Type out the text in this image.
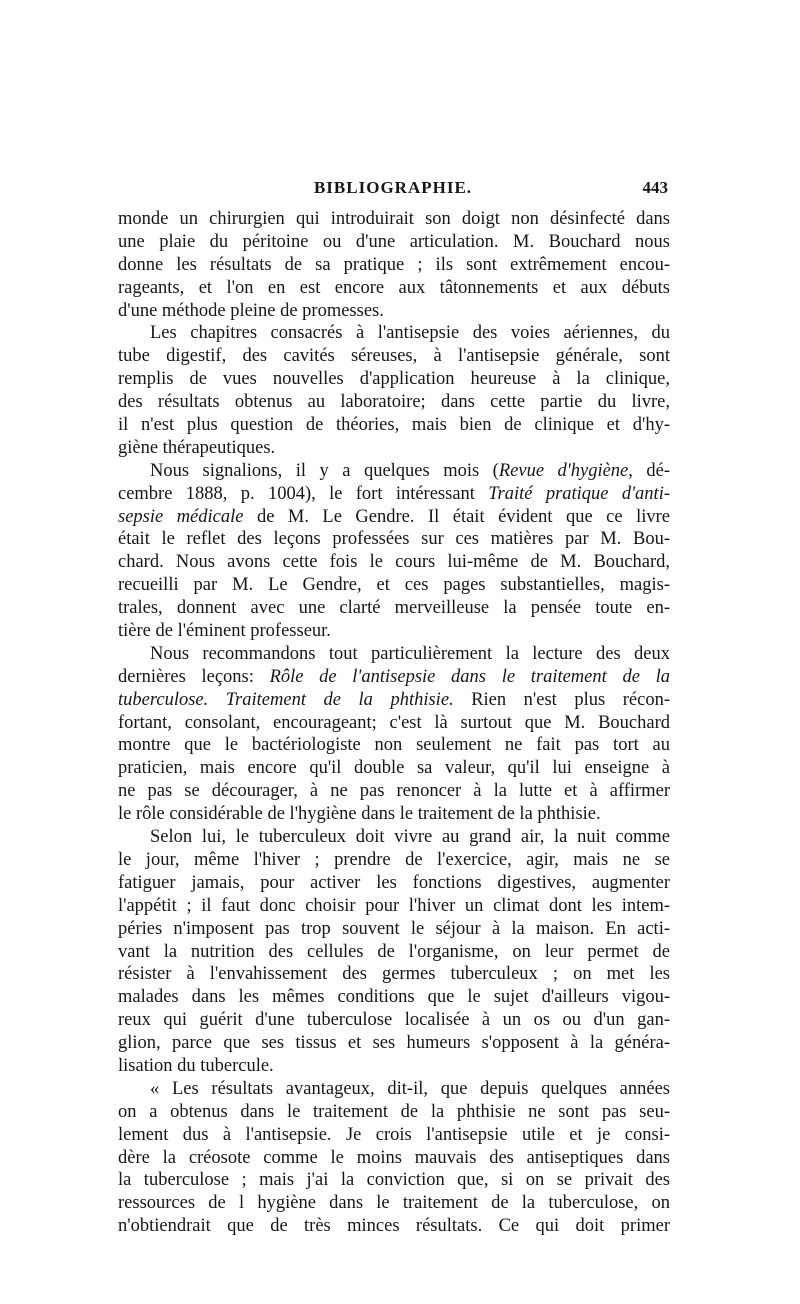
BIBLIOGRAPHIE.	443
monde un chirurgien qui introduirait son doigt non désinfecté dans
une plaie du péritoine ou d'une articulation. M. Bouchard nous
donne les résultats de sa pratique ; ils sont extrêmement encou-
rageants, et l'on en est encore aux tâtonnements et aux débuts
d'une méthode pleine de promesses.
Les chapitres consacrés à l'antisepsie des voies aériennes, du
tube digestif, des cavités séreuses, à l'antisepsie générale, sont
remplis de vues nouvelles d'application heureuse à la clinique,
des résultats obtenus au laboratoire; dans cette partie du livre,
il n'est plus question de théories, mais bien de clinique et d'hy-
giène thérapeutiques.
Nous signalions, il y a quelques mois (Revue d'hygiène, dé-
cembre 1888, p. 1004), le fort intéressant Traité pratique d'anti-
sepsie médicale de M. Le Gendre. Il était évident que ce livre
était le reflet des leçons professées sur ces matières par M. Bou-
chard. Nous avons cette fois le cours lui-même de M. Bouchard,
recueilli par M. Le Gendre, et ces pages substantielles, magis-
trales, donnent avec une clarté merveilleuse la pensée toute en-
tière de l'éminent professeur.
Nous recommandons tout particulièrement la lecture des deux
dernières leçons: Rôle de l'antisepsie dans le traitement de la
tuberculose. Traitement de la phthisie. Rien n'est plus récon-
fortant, consolant, encourageant; c'est là surtout que M. Bouchard
montre que le bactériologiste non seulement ne fait pas tort au
praticien, mais encore qu'il double sa valeur, qu'il lui enseigne à
ne pas se décourager, à ne pas renoncer à la lutte et à affirmer
le rôle considérable de l'hygiène dans le traitement de la phthisie.
Selon lui, le tuberculeux doit vivre au grand air, la nuit comme
le jour, même l'hiver ; prendre de l'exercice, agir, mais ne se
fatiguer jamais, pour activer les fonctions digestives, augmenter
l'appétit ; il faut donc choisir pour l'hiver un climat dont les intem-
péries n'imposent pas trop souvent le séjour à la maison. En acti-
vant la nutrition des cellules de l'organisme, on leur permet de
résister à l'envahissement des germes tuberculeux ; on met les
malades dans les mêmes conditions que le sujet d'ailleurs vigou-
reux qui guérit d'une tuberculose localisée à un os ou d'un gan-
glion, parce que ses tissus et ses humeurs s'opposent à la généra-
lisation du tubercule.
« Les résultats avantageux, dit-il, que depuis quelques années
on a obtenus dans le traitement de la phthisie ne sont pas seu-
lement dus à l'antisepsie. Je crois l'antisepsie utile et je consi-
dère la créosote comme le moins mauvais des antiseptiques dans
la tuberculose ; mais j'ai la conviction que, si on se privait des
ressources de l hygiène dans le traitement de la tuberculose, on
n'obtiendrait que de très minces résultats. Ce qui doit primer
